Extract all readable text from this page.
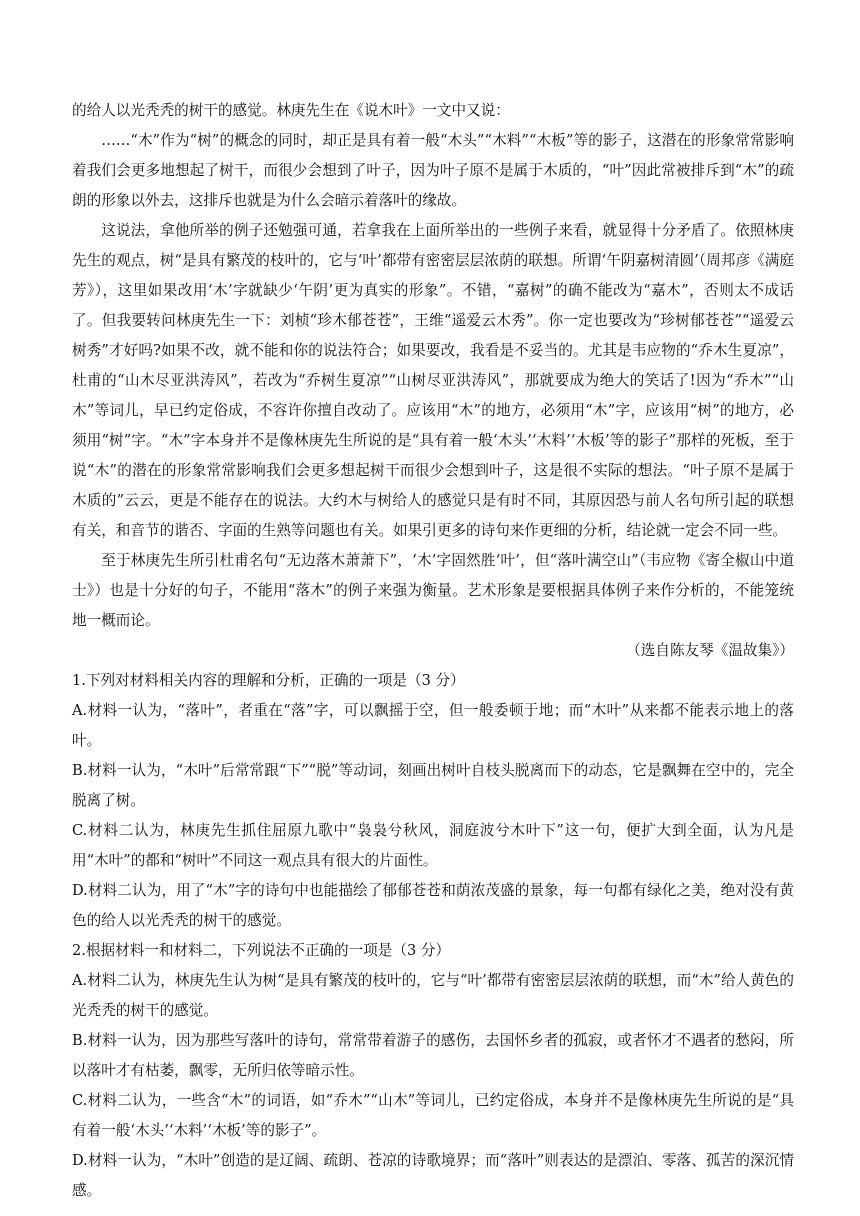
的给人以光秃秃的树干的感觉。林庚先生在《说木叶》一文中又说：

……“木”作为“树”的概念的同时，却正是具有着一般“木头”“木料”“木板”等的影子，这潜在的形象常常影响着我们会更多地想起了树干，而很少会想到了叶子，因为叶子原不是属于木质的，“叶”因此常被排斥到“木”的疏朗的形象以外去，这排斥也就是为什么会暗示着落叶的缘故。

这说法，拿他所举的例子还勉强可通，若拿我在上面所举出的一些例子来看，就显得十分矛盾了。依照林庚先生的观点，树“是具有繁茂的枝叶的，它与‘叶’都带有密密层层浓荫的联想。所谓‘午阴嘉树清圆’（周邦彦《满庭芳》），这里如果改用‘木’字就缺少‘午阴’更为真实的形象”。不错，“嘉树”的确不能改为“嘉木”，否则太不成话了。但我要转问林庚先生一下：刘桢“珍木郁苍苍”，王维“遥爱云木秀”。你一定也要改为“珍树郁苍苍”“遥爱云树秀”才好吗?如果不改，就不能和你的说法符合；如果要改，我看是不妥当的。尤其是韦应物的“乔木生夏凉”，杜甫的“山木尽亚洪涛风”，若改为“乔树生夏凉”“山树尽亚洪涛风”，那就要成为绝大的笑话了!因为“乔木”“山木”等词儿，早已约定俗成，不容许你擅自改动了。应该用“木”的地方，必须用“木”字，应该用“树”的地方，必须用“树”字。“木”字本身并不是像林庚先生所说的是“具有着一般‘木头’‘木料’‘木板’等的影子”那样的死板，至于说“木”的潜在的形象常常影响我们会更多想起树干而很少会想到叶子，这是很不实际的想法。“叶子原不是属于木质的”云云，更是不能存在的说法。大约木与树给人的感觉只是有时不同，其原因恐与前人名句所引起的联想有关，和音节的谐否、字面的生熟等问题也有关。如果引更多的诗句来作更细的分析，结论就一定会不同一些。

至于林庚先生所引杜甫名句“无边落木萧萧下”，‘木’字固然胜‘叶’，但“落叶满空山”（韦应物《寄全椒山中道士》）也是十分好的句子，不能用“落木”的例子来强为衡量。艺术形象是要根据具体例子来作分析的，不能笼统地一概而论。

（选自陈友琴《温故集》）

1.下列对材料相关内容的理解和分析，正确的一项是（3 分）

A.材料一认为，“落叶”，者重在“落”字，可以飘摇于空，但一般委顿于地；而“木叶”从来都不能表示地上的落叶。

B.材料一认为，“木叶”后常常跟“下”“脱”等动词，刻画出树叶自枝头脱离而下的动态，它是飘舞在空中的，完全脱离了树。

C.材料二认为，林庚先生抓住屈原九歌中“袅袅兮秋风，洞庭波兮木叶下”这一句，便扩大到全面，认为凡是用“木叶”的都和“树叶”不同这一观点具有很大的片面性。

D.材料二认为，用了“木”字的诗句中也能描绘了郁郁苍苍和荫浓茂盛的景象，每一句都有绿化之美，绝对没有黄色的给人以光秃秃的树干的感觉。

2.根据材料一和材料二，下列说法不正确的一项是（3 分）

A.材料二认为，林庚先生认为树“是具有繁茂的枝叶的，它与“叶’都带有密密层层浓荫的联想，而“木”给人黄色的光秃秃的树干的感觉。

B.材料一认为，因为那些写落叶的诗句，常常带着游子的感伤，去国怀乡者的孤寂，或者怀才不遇者的愁闷，所以落叶才有枯萎，飘零，无所归依等暗示性。

C.材料二认为，一些含“木”的词语，如“乔木”“山木”等词儿，已约定俗成，本身并不是像林庚先生所说的是“具有着一般‘木头’‘木料’‘木板’等的影子”。

D.材料一认为，“木叶”创造的是辽阔、疏朗、苍凉的诗歌境界；而“落叶”则表达的是漂泊、零落、孤苦的深沉情感。
